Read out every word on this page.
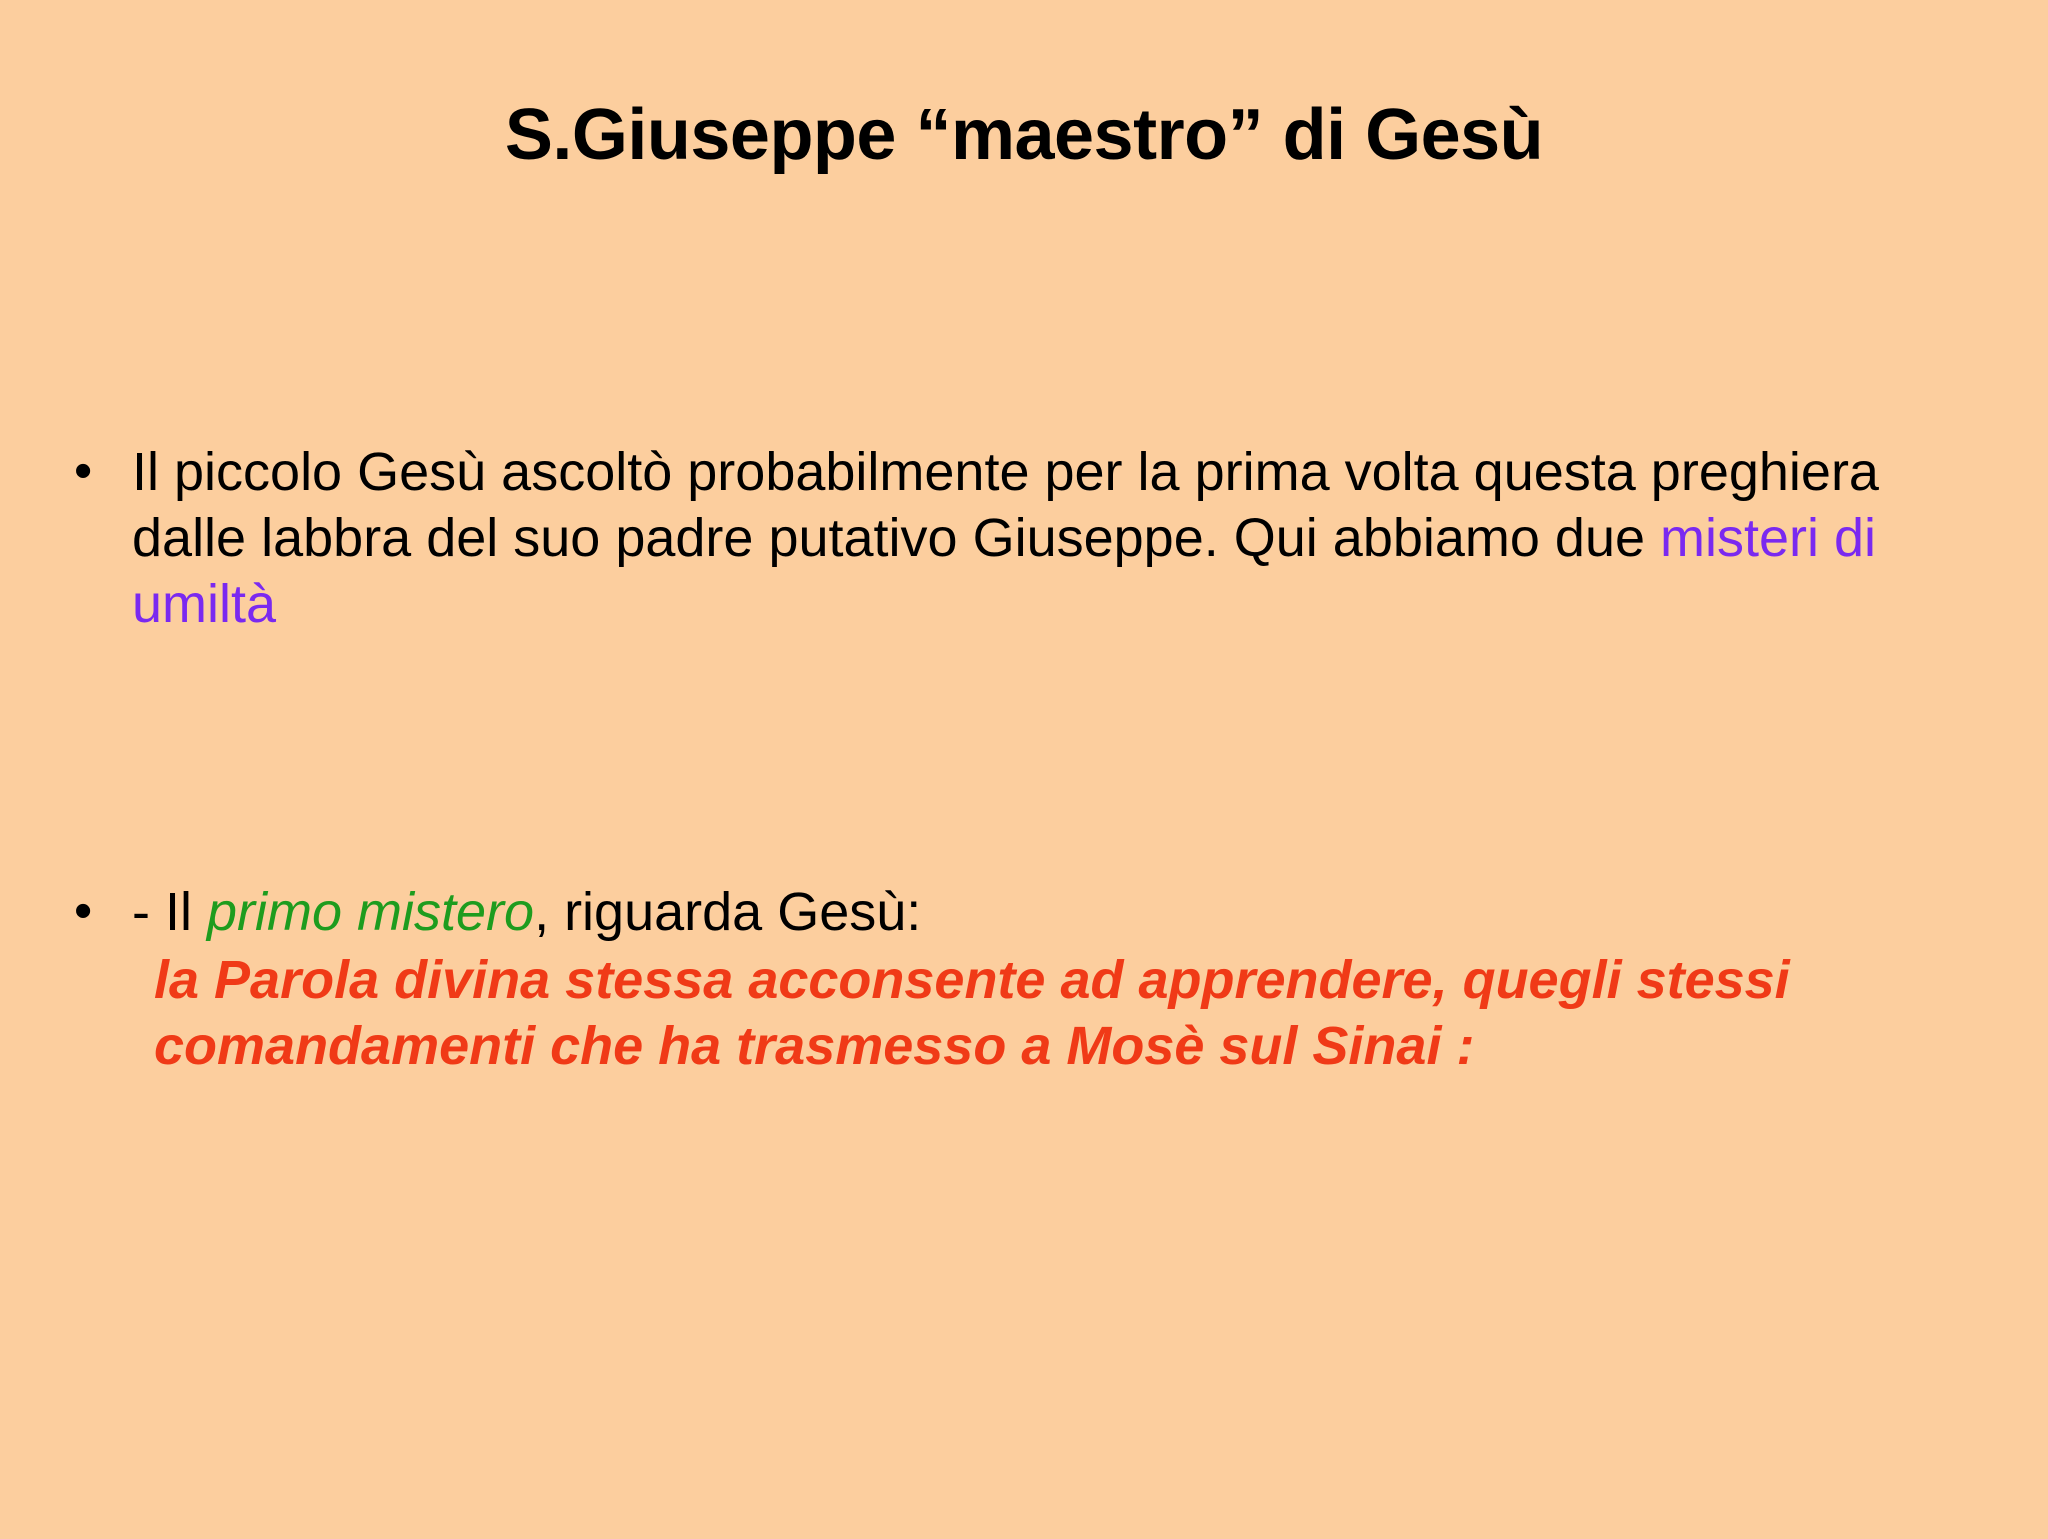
S.Giuseppe “maestro” di Gesù
• Il piccolo Gesù ascoltò probabilmente per la prima volta questa preghiera dalle labbra del suo padre putativo Giuseppe. Qui abbiamo due misteri di umiltà
• - Il primo mistero, riguarda Gesù:
la Parola divina stessa acconsente ad apprendere, quegli stessi comandamenti che ha trasmesso a Mosè sul Sinai :
